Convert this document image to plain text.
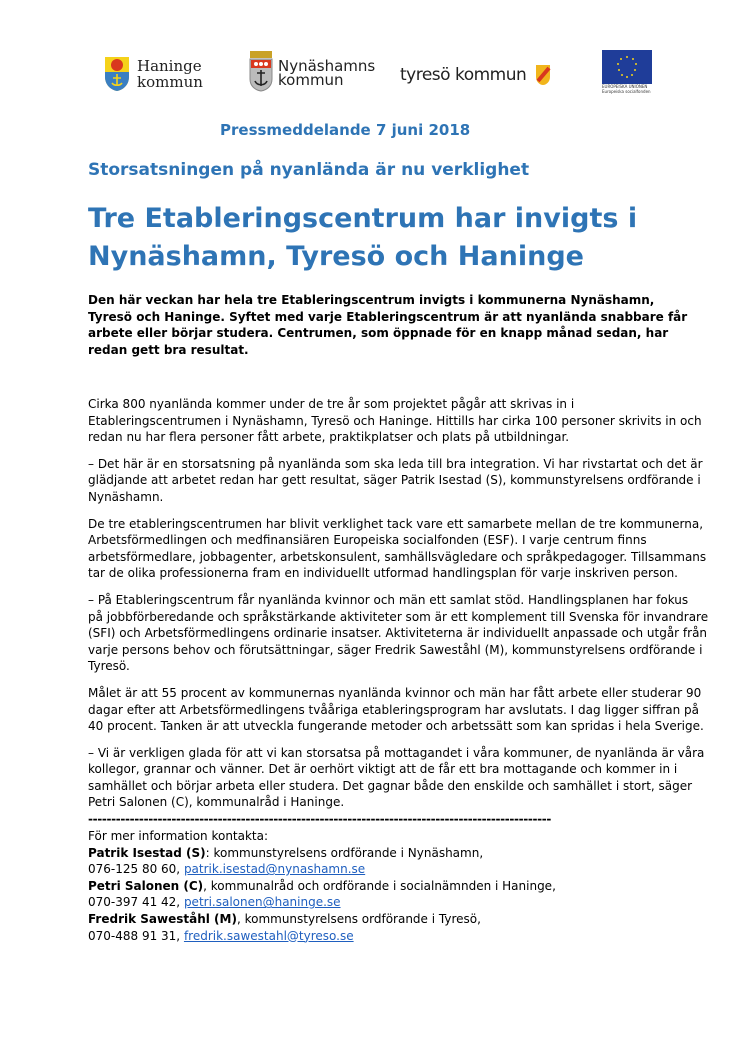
Haninge
kommun
Nynäshamns
kommun	tyresö kommun
EUROPEISKA UNIONEN
Europeiska socialfonden
Pressmeddelande 7 juni 2018
Storsatsningen på nyanlända är nu verklighet
Tre Etableringscentrum har invigts i
Nynäshamn, Tyresö och Haninge
Den här veckan har hela tre Etableringscentrum invigts i kommunerna Nynäshamn,
Tyresö och Haninge. Syftet med varje Etableringscentrum är att nyanlända snabbare får
arbete eller börjar studera. Centrumen, som öppnade för en knapp månad sedan, har
redan gett bra resultat.
Cirka 800 nyanlända kommer under de tre år som projektet pågår att skrivas in i
Etableringscentrumen i Nynäshamn, Tyresö och Haninge. Hittills har cirka 100 personer skrivits in och
redan nu har flera personer fått arbete, praktikplatser och plats på utbildningar.
– Det här är en storsatsning på nyanlända som ska leda till bra integration. Vi har rivstartat och det är
glädjande att arbetet redan har gett resultat, säger Patrik Isestad (S), kommunstyrelsens ordförande i
Nynäshamn.
De tre etableringscentrumen har blivit verklighet tack vare ett samarbete mellan de tre kommunerna,
Arbetsförmedlingen och medfinansiären Europeiska socialfonden (ESF). I varje centrum finns
arbetsförmedlare, jobbagenter, arbetskonsulent, samhällsvägledare och språkpedagoger. Tillsammans
tar de olika professionerna fram en individuellt utformad handlingsplan för varje inskriven person.
– På Etableringscentrum får nyanlända kvinnor och män ett samlat stöd. Handlingsplanen har fokus
på jobbförberedande och språkstärkande aktiviteter som är ett komplement till Svenska för invandrare
(SFI) och Arbetsförmedlingens ordinarie insatser. Aktiviteterna är individuellt anpassade och utgår från
varje persons behov och förutsättningar, säger Fredrik Saweståhl (M), kommunstyrelsens ordförande i
Tyresö.
Målet är att 55 procent av kommunernas nyanlända kvinnor och män har fått arbete eller studerar 90
dagar efter att Arbetsförmedlingens tvååriga etableringsprogram har avslutats. I dag ligger siffran på
40 procent. Tanken är att utveckla fungerande metoder och arbetssätt som kan spridas i hela Sverige.
– Vi är verkligen glada för att vi kan storsatsa på mottagandet i våra kommuner, de nyanlända är våra
kollegor, grannar och vänner. Det är oerhört viktigt att de får ett bra mottagande och kommer in i
samhället och börjar arbeta eller studera. Det gagnar både den enskilde och samhället i stort, säger
Petri Salonen (C), kommunalråd i Haninge.
----------------------------------------------------------------------------------------------------
För mer information kontakta:
Patrik Isestad (S): kommunstyrelsens ordförande i Nynäshamn,
076-125 80 60, patrik.isestad@nynashamn.se
Petri Salonen (C), kommunalråd och ordförande i socialnämnden i Haninge,
070-397 41 42, petri.salonen@haninge.se
Fredrik Saweståhl (M), kommunstyrelsens ordförande i Tyresö,
070-488 91 31, fredrik.sawestahl@tyreso.se
